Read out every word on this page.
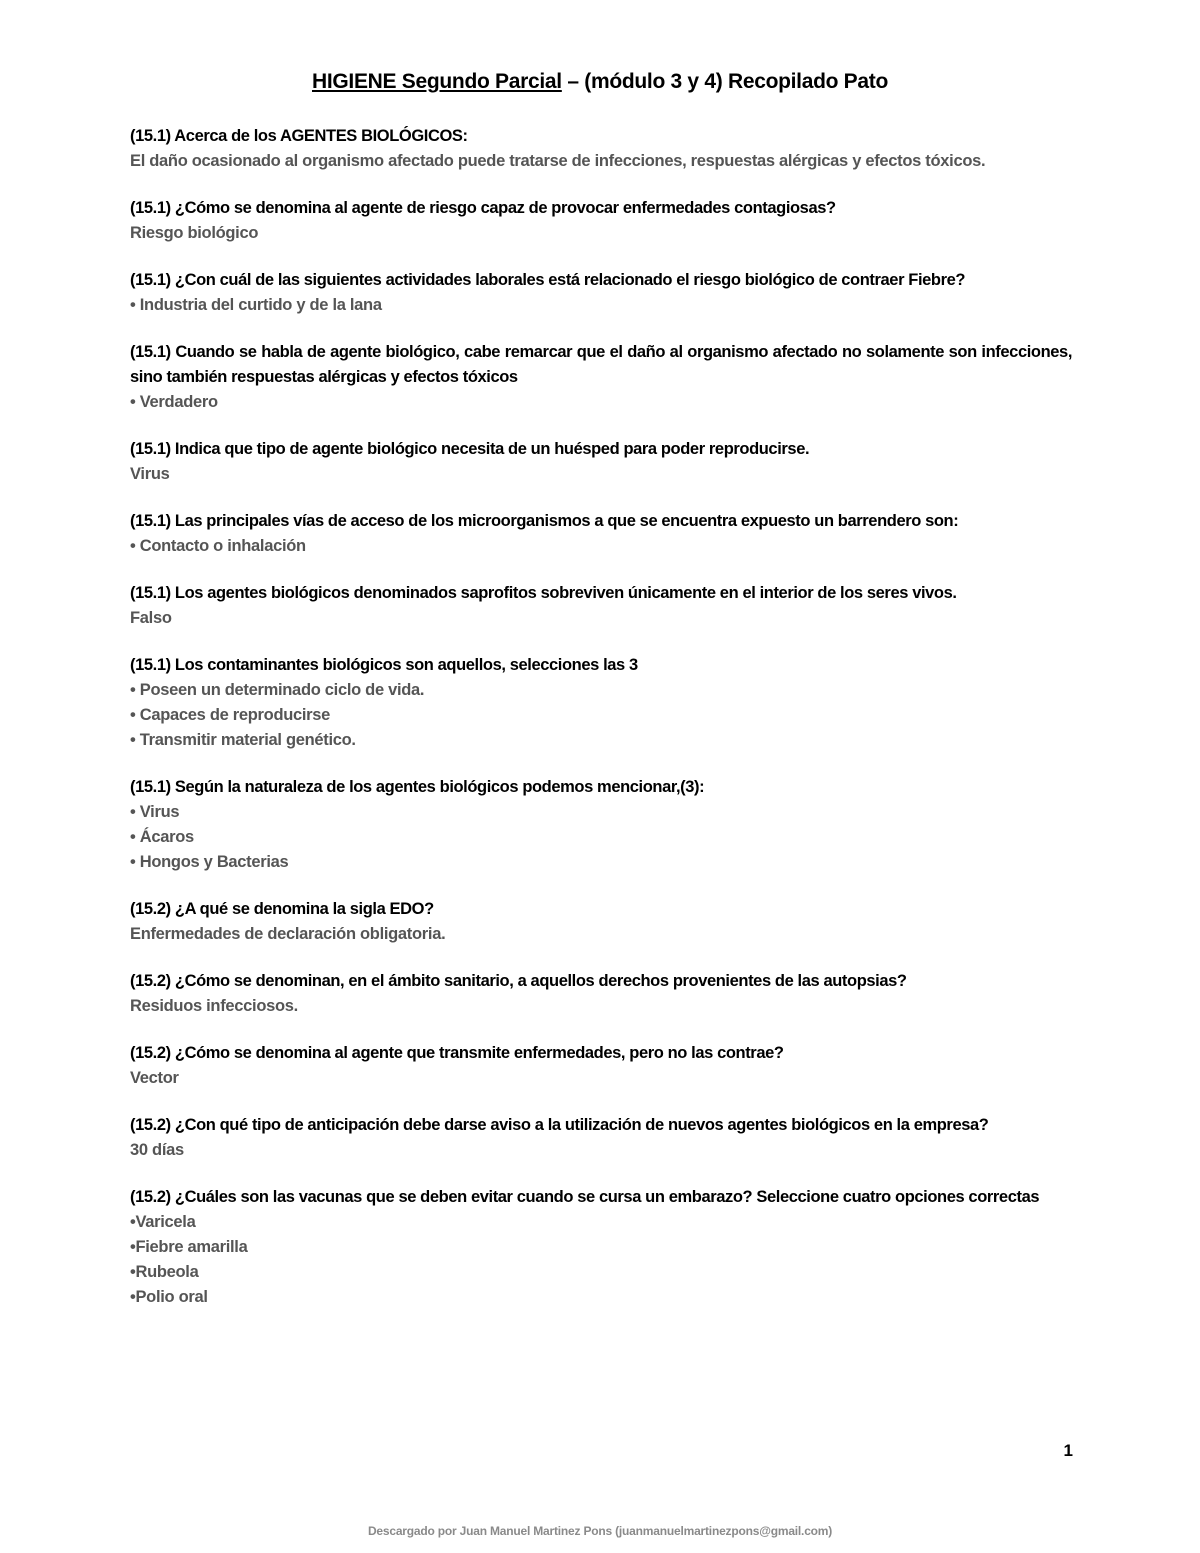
HIGIENE Segundo Parcial – (módulo 3 y 4) Recopilado Pato
(15.1) Acerca de los AGENTES BIOLÓGICOS:
El daño ocasionado al organismo afectado puede tratarse de infecciones, respuestas alérgicas y efectos tóxicos.
(15.1) ¿Cómo se denomina al agente de riesgo capaz de provocar enfermedades contagiosas?
Riesgo biológico
(15.1) ¿Con cuál de las siguientes actividades laborales está relacionado el riesgo biológico de contraer Fiebre?
• Industria del curtido y de la lana
(15.1) Cuando se habla de agente biológico, cabe remarcar que el daño al organismo afectado no solamente son infecciones, sino también respuestas alérgicas y efectos tóxicos
• Verdadero
(15.1) Indica que tipo de agente biológico necesita de un huésped para poder reproducirse.
Virus
(15.1) Las principales vías de acceso de los microorganismos a que se encuentra expuesto un barrendero son:
• Contacto o inhalación
(15.1) Los agentes biológicos denominados saprofitos sobreviven únicamente en el interior de los seres vivos.
Falso
(15.1) Los contaminantes biológicos son aquellos, selecciones las 3
• Poseen un determinado ciclo de vida.
• Capaces de reproducirse
• Transmitir material genético.
(15.1) Según la naturaleza de los agentes biológicos podemos mencionar,(3):
• Virus
• Ácaros
• Hongos y Bacterias
(15.2) ¿A qué se denomina la sigla EDO?
Enfermedades de declaración obligatoria.
(15.2) ¿Cómo se denominan, en el ámbito sanitario, a aquellos derechos provenientes de las autopsias?
Residuos infecciosos.
(15.2) ¿Cómo se denomina al agente que transmite enfermedades, pero no las contrae?
Vector
(15.2) ¿Con qué tipo de anticipación debe darse aviso a la utilización de nuevos agentes biológicos en la empresa?
30 días
(15.2) ¿Cuáles son las vacunas que se deben evitar cuando se cursa un embarazo? Seleccione cuatro opciones correctas
•Varicela
•Fiebre amarilla
•Rubeola
•Polio oral
1
Descargado por Juan Manuel Martinez Pons (juanmanuelmartinezpons@gmail.com)
